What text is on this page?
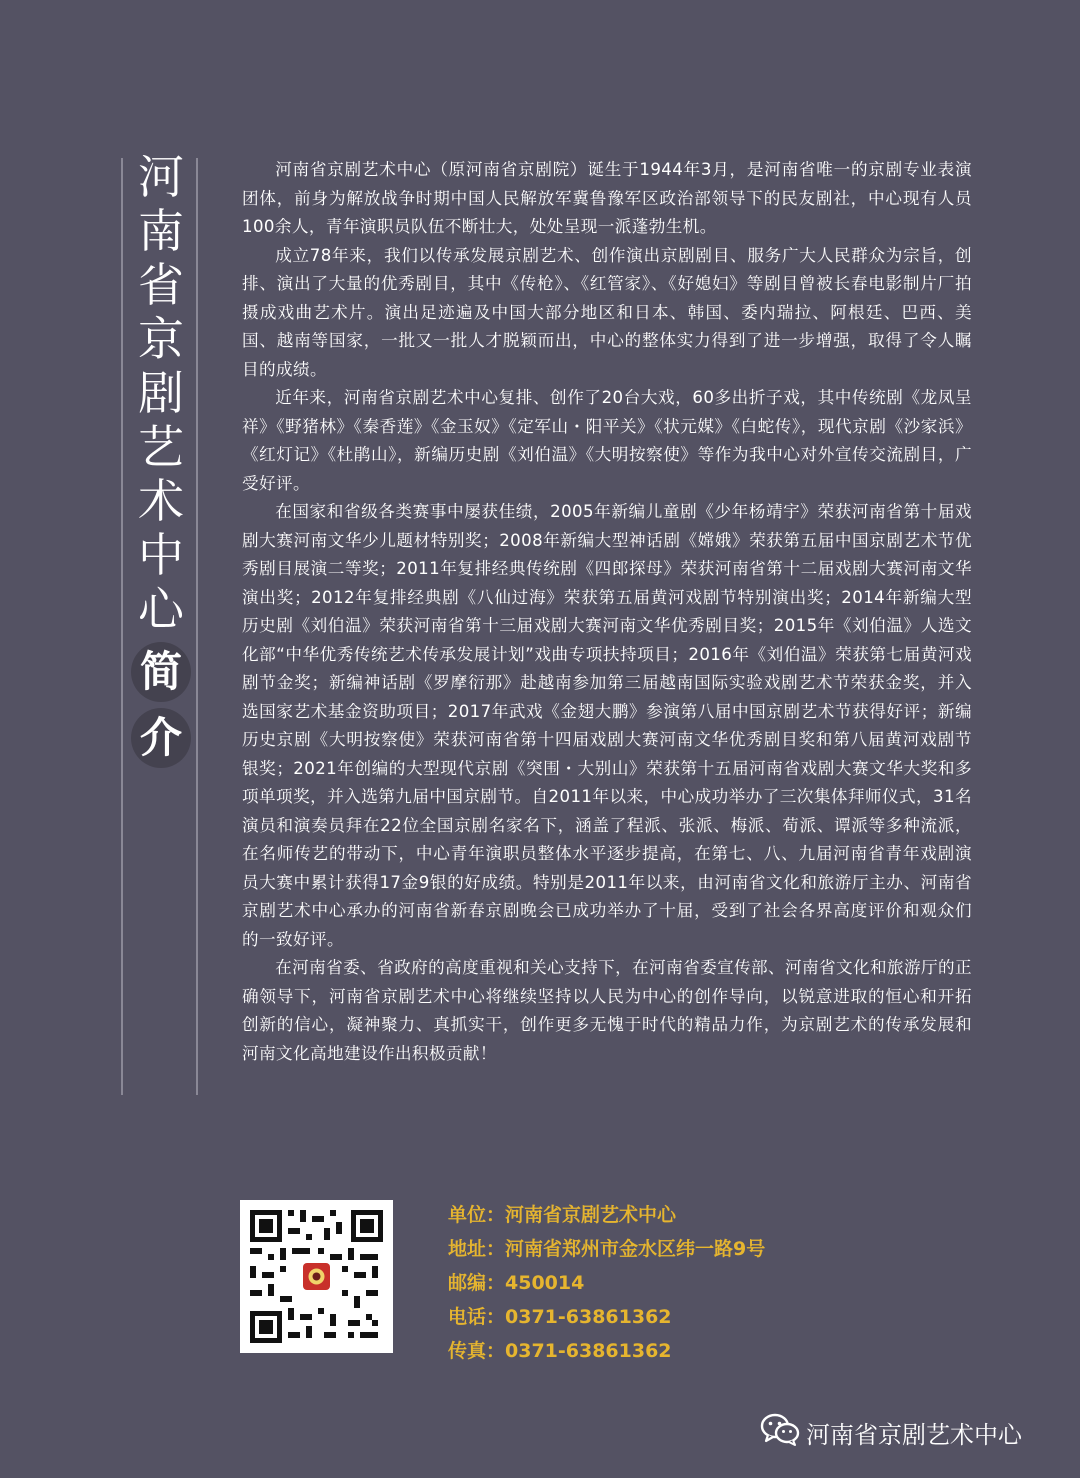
河
南
省
京
剧
艺
术
中
心
简
介

河南省京剧艺术中心（原河南省京剧院）诞生于1944年3月，是河南省唯一的京剧专业表演团体，前身为解放战争时期中国人民解放军冀鲁豫军区政治部领导下的民友剧社，中心现有人员100余人，青年演职员队伍不断壮大，处处呈现一派蓬勃生机。

成立78年来，我们以传承发展京剧艺术、创作演出京剧剧目、服务广大人民群众为宗旨，创排、演出了大量的优秀剧目，其中《传枪》、《红管家》、《好媳妇》等剧目曾被长春电影制片厂拍摄成戏曲艺术片。演出足迹遍及中国大部分地区和日本、韩国、委内瑞拉、阿根廷、巴西、美国、越南等国家，一批又一批人才脱颖而出，中心的整体实力得到了进一步增强，取得了令人瞩目的成绩。

近年来，河南省京剧艺术中心复排、创作了20台大戏，60多出折子戏，其中传统剧《龙凤呈祥》《野猪林》《秦香莲》《金玉奴》《定军山・阳平关》《状元媒》《白蛇传》，现代京剧《沙家浜》《红灯记》《杜鹃山》，新编历史剧《刘伯温》《大明按察使》等作为我中心对外宣传交流剧目，广受好评。

在国家和省级各类赛事中屡获佳绩，2005年新编儿童剧《少年杨靖宇》荣获河南省第十届戏剧大赛河南文华少儿题材特别奖；2008年新编大型神话剧《嫦娥》荣获第五届中国京剧艺术节优秀剧目展演二等奖；2011年复排经典传统剧《四郎探母》荣获河南省第十二届戏剧大赛河南文华演出奖；2012年复排经典剧《八仙过海》荣获第五届黄河戏剧节特别演出奖；2014年新编大型历史剧《刘伯温》荣获河南省第十三届戏剧大赛河南文华优秀剧目奖；2015年《刘伯温》人选文化部“中华优秀传统艺术传承发展计划”戏曲专项扶持项目；2016年《刘伯温》荣获第七届黄河戏剧节金奖；新编神话剧《罗摩衍那》赴越南参加第三届越南国际实验戏剧艺术节荣获金奖，并入选国家艺术基金资助项目；2017年武戏《金翅大鹏》参演第八届中国京剧艺术节获得好评；新编历史京剧《大明按察使》荣获河南省第十四届戏剧大赛河南文华优秀剧目奖和第八届黄河戏剧节银奖；2021年创编的大型现代京剧《突围・大别山》荣获第十五届河南省戏剧大赛文华大奖和多项单项奖，并入选第九届中国京剧节。自2011年以来，中心成功举办了三次集体拜师仪式，31名演员和演奏员拜在22位全国京剧名家名下，涵盖了程派、张派、梅派、荀派、谭派等多种流派，在名师传艺的带动下，中心青年演职员整体水平逐步提高，在第七、八、九届河南省青年戏剧演员大赛中累计获得17金9银的好成绩。特别是2011年以来，由河南省文化和旅游厅主办、河南省京剧艺术中心承办的河南省新春京剧晚会已成功举办了十届，受到了社会各界高度评价和观众们的一致好评。

在河南省委、省政府的高度重视和关心支持下，在河南省委宣传部、河南省文化和旅游厅的正确领导下，河南省京剧艺术中心将继续坚持以人民为中心的创作导向，以锐意进取的恒心和开拓创新的信心，凝神聚力、真抓实干，创作更多无愧于时代的精品力作，为京剧艺术的传承发展和河南文化高地建设作出积极贡献！

单位：河南省京剧艺术中心
地址：河南省郑州市金水区纬一路9号
邮编：450014
电话：0371-63861362
传真：0371-63861362
河南省京剧艺术中心
